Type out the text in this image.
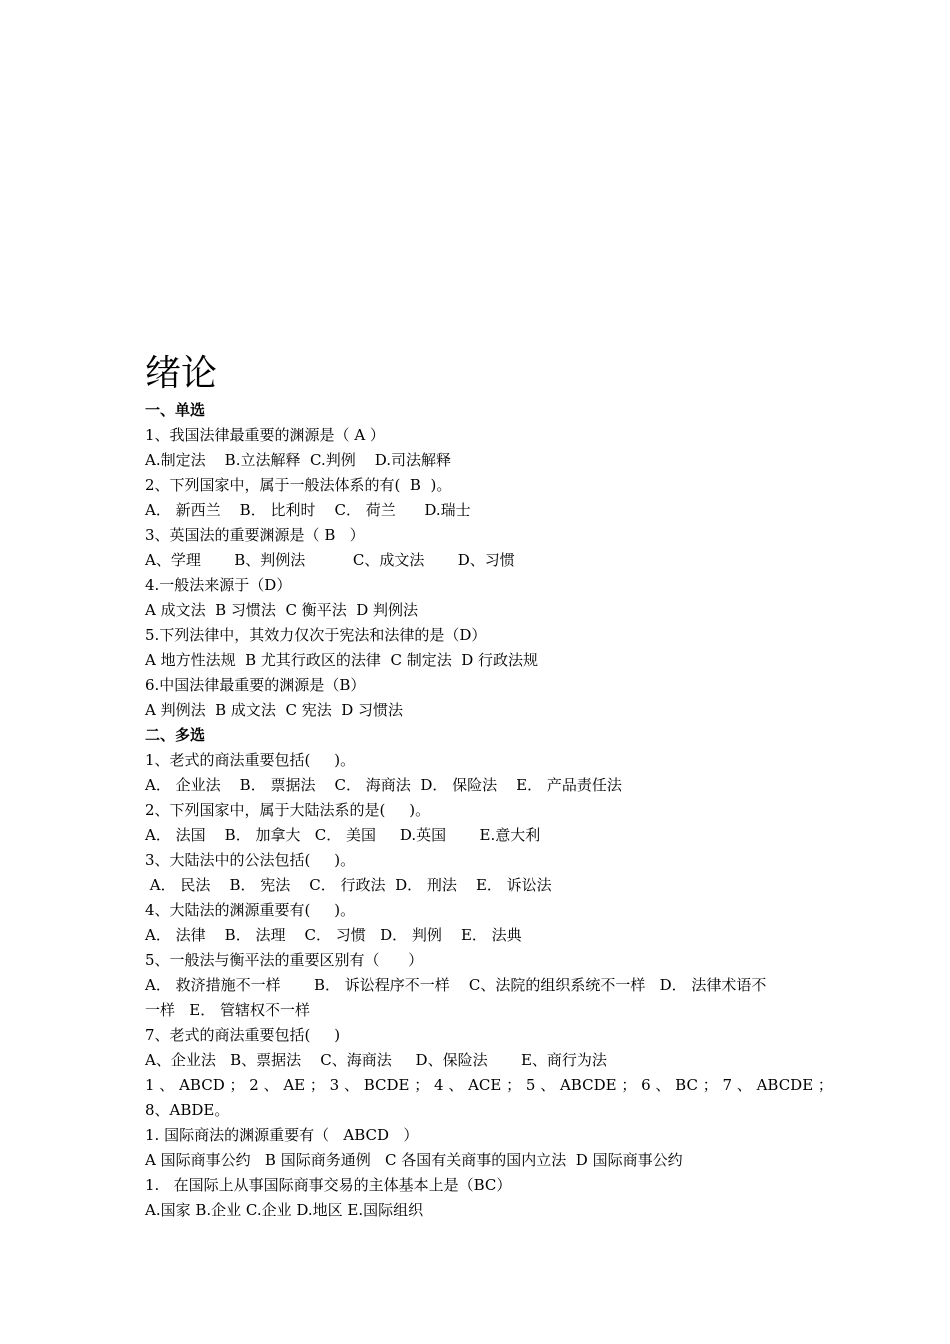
绪论

一、单选

1、我国法律最重要的渊源是（ A ）

A.制定法    B.立法解释  C.判例    D.司法解释

2、下列国家中，属于一般法体系的有(  B  )。

A． 新西兰    B． 比利时    C． 荷兰      D.瑞士

3、英国法的重要渊源是（ B   ）

A、学理       B、判例法          C、成文法       D、习惯

4.一般法来源于（D）

A 成文法  B 习惯法  C 衡平法  D 判例法

5.下列法律中，其效力仅次于宪法和法律的是（D）

A 地方性法规  B 尤其行政区的法律  C 制定法  D 行政法规

6.中国法律最重要的渊源是（B）

A 判例法  B 成文法  C 宪法  D 习惯法

二、多选

1、老式的商法重要包括(     )。

A． 企业法    B． 票据法    C． 海商法  D． 保险法    E． 产品责任法

2、下列国家中，属于大陆法系的是(     )。

A． 法国    B． 加拿大   C． 美国     D.英国       E.意大利

3、大陆法中的公法包括(     )。

A． 民法    B． 宪法    C． 行政法  D． 刑法    E． 诉讼法

4、大陆法的渊源重要有(     )。

A． 法律    B． 法理    C． 习惯   D． 判例    E． 法典

5、一般法与衡平法的重要区别有（      ）

A． 救济措施不一样       B． 诉讼程序不一样    C、法院的组织系统不一样   D． 法律术语不

一样   E． 管辖权不一样

7、老式的商法重要包括(     )

A、企业法   B、票据法    C、海商法     D、保险法       E、商行为法

1 、 ABCD ； 2 、 AE ； 3 、 BCDE ； 4 、 ACE ； 5 、 ABCDE ； 6 、 BC ； 7 、 ABCDE ；

8、ABDE。

1. 国际商法的渊源重要有（   ABCD   ）

A 国际商事公约   B 国际商务通例   C 各国有关商事的国内立法  D 国际商事公约

1.   在国际上从事国际商事交易的主体基本上是（BC）

A.国家 B.企业 C.企业 D.地区 E.国际组织
